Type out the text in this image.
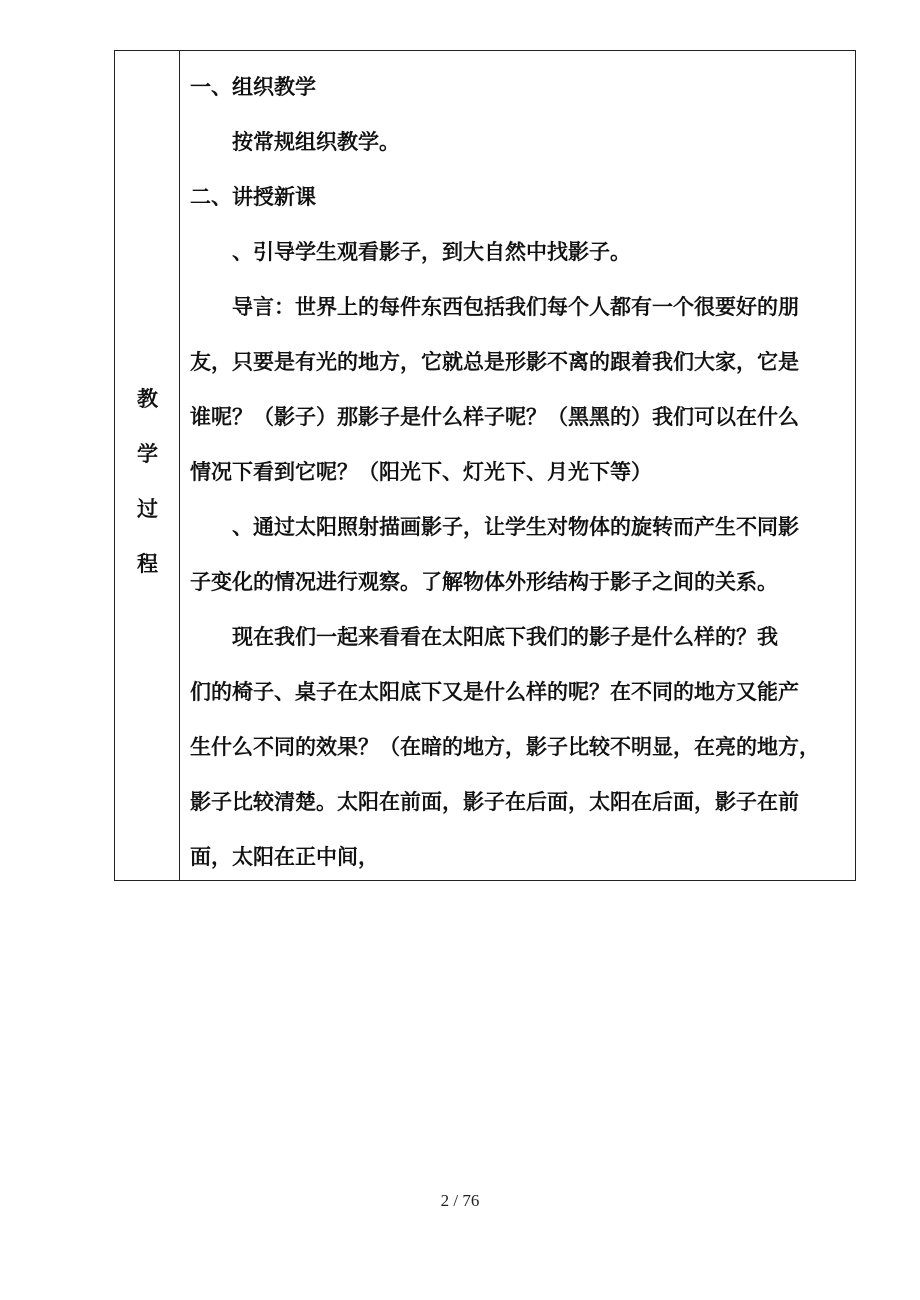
教
学
过
程
一、组织教学
按常规组织教学。
二、讲授新课
、引导学生观看影子，到大自然中找影子。
导言：世界上的每件东西包括我们每个人都有一个很要好的朋
友，只要是有光的地方，它就总是形影不离的跟着我们大家，它是
谁呢？（影子）那影子是什么样子呢？（黑黑的）我们可以在什么
情况下看到它呢？（阳光下、灯光下、月光下等）
、通过太阳照射描画影子，让学生对物体的旋转而产生不同影
子变化的情况进行观察。了解物体外形结构于影子之间的关系。
现在我们一起来看看在太阳底下我们的影子是什么样的？我
们的椅子、桌子在太阳底下又是什么样的呢？在不同的地方又能产
生什么不同的效果？（在暗的地方，影子比较不明显，在亮的地方，
影子比较清楚。太阳在前面，影子在后面，太阳在后面，影子在前
面，太阳在正中间，
2 / 76
